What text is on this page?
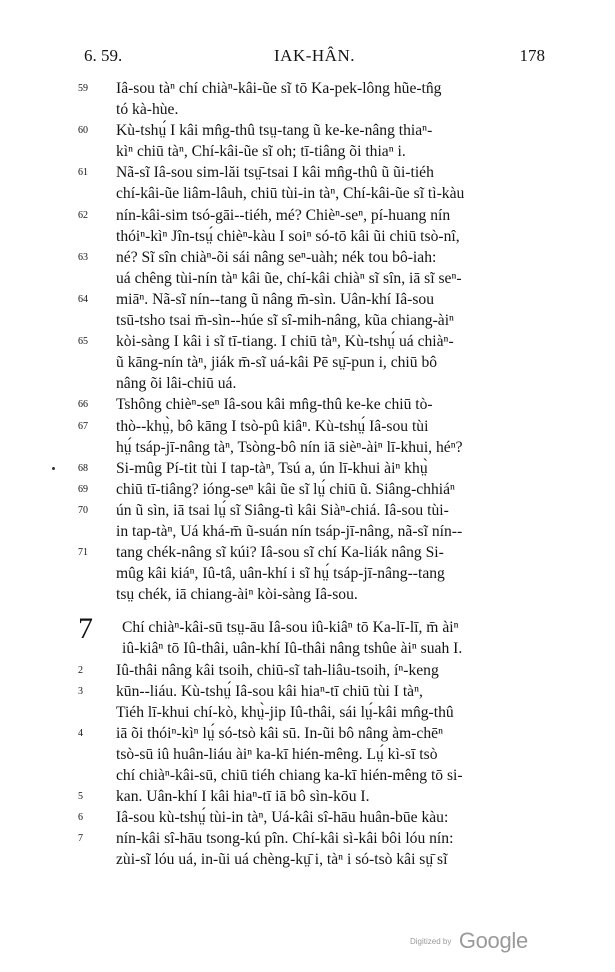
6. 59.	IAK-HÂN.	178
59	Iâ-sou tàⁿ chí chiàⁿ-kâi-ũe sĩ tō Ka-pek-lông hũe-tn̂g
tó kà-hùe.
60	Kù-tshṳ́ I kâi mn̂g-thû tsṳ-tang ũ ke-ke-nâng thiaⁿ-
kìⁿ chiū tàⁿ, Chí-kâi-ũe sĩ oh; tī-tiâng õi thiaⁿ i.
61	Nã-sĩ Iâ-sou sim-lăi tsṳ̄-tsai I kâi mn̂g-thû ũ ũi-tiéh
chí-kâi-ũe liâm-lâuh, chiū tùi-in tàⁿ, Chí-kâi-ũe sĩ tì-kàu
62	nín-kâi-sim tsó-gāi--tiéh, mé? Chièⁿ-seⁿ, pí-huang nín
thóiⁿ-kìⁿ Jîn-tsṳ́ chièⁿ-kàu I soiⁿ só-tō kâi ũi chiū tsò-nî,
63	né? Sĩ sîn chiàⁿ-õi sái nâng seⁿ-uàh; nék tou bô-iah:
uá chêng tùi-nín tàⁿ kâi ũe, chí-kâi chiàⁿ sĩ sîn, iā sĩ seⁿ-
64	miāⁿ. Nã-sĩ nín--tang ũ nâng m̄-sìn. Uân-khí Iâ-sou
tsū-tsho tsai m̄-sìn--húe sĩ sî-mih-nâng, kũa chiang-àiⁿ
65	kòi-sàng I kâi i sĩ tī-tiang. I chiū tàⁿ, Kù-tshṳ́ uá chiàⁿ-
ũ kāng-nín tàⁿ, jiák m̄-sĩ uá-kâi Pē sṳ̄-pun i, chiū bô
nâng õi lâi-chiū uá.
66	Tshông chièⁿ-seⁿ Iâ-sou kâi mn̂g-thû ke-ke chiū tò-
67	thò--khṳ̀, bô kāng I tsò-pû kiâⁿ. Kù-tshṳ́ Iâ-sou tùi
hṳ́ tsáp-jī-nâng tàⁿ, Tsòng-bô nín iā sièⁿ-àiⁿ lī-khui, héⁿ?
68	Si-mûg Pí-tit tùi I tap-tàⁿ, Tsú a, ún lī-khui àiⁿ khṳ̀
69	chiū tī-tiâng? ióng-seⁿ kâi ũe sĩ lṳ́ chiū ũ. Siâng-chhiáⁿ
70	ún ũ sìn, iā tsai lṳ́ sĩ Siâng-tì kâi Siàⁿ-chiá. Iâ-sou tùi-
in tap-tàⁿ, Uá khá-m̄ ũ-suán nín tsáp-jī-nâng, nã-sĩ nín--
71	tang chék-nâng sĩ kúi? Iâ-sou sĩ chí Ka-liák nâng Si-
mûg kâi kiáⁿ, Iû-tâ, uân-khí i sĩ hṳ́ tsáp-jī-nâng--tang
tsṳ chék, iā chiang-àiⁿ kòi-sàng Iâ-sou.
7 Chí chiàⁿ-kâi-sū tsṳ-āu Iâ-sou iû-kiâⁿ tō Ka-lī-lī, m̄ àiⁿ
iû-kiâⁿ tō Iû-thâi, uân-khí Iû-thâi nâng tshûe àiⁿ suah I.
2	Iû-thâi nâng kâi tsoih, chiū-sĩ tah-liâu-tsoih, íⁿ-keng
3	kūn--liáu. Kù-tshṳ́ Iâ-sou kâi hiaⁿ-tī chiū tùi I tàⁿ,
Tiéh lī-khui chí-kò, khṳ̀-jip Iû-thâi, sái lṳ́-kâi mn̂g-thû
4	iā õi thóiⁿ-kìⁿ lṳ́ só-tsò kâi sū. In-ũi bô nâng àm-chēⁿ
tsò-sū iû huân-liáu àiⁿ ka-kī hién-mêng. Lṳ́ kì-sī tsò
chí chiàⁿ-kâi-sū, chiū tiéh chiang ka-kī hién-mêng tō si-
5	kan. Uân-khí I kâi hiaⁿ-tī iā bô sìn-kōu I.
6	Iâ-sou kù-tshṳ́ tùi-in tàⁿ, Uá-kâi sî-hāu huân-būe kàu:
7	nín-kâi sî-hāu tsong-kú pîn. Chí-kâi sì-kâi bôi lóu nín:
zùi-sĩ lóu uá, in-ũi uá chèng-kṳ̄ i, tàⁿ i só-tsò kâi sṳ̄ sĩ
Digitized by Google
